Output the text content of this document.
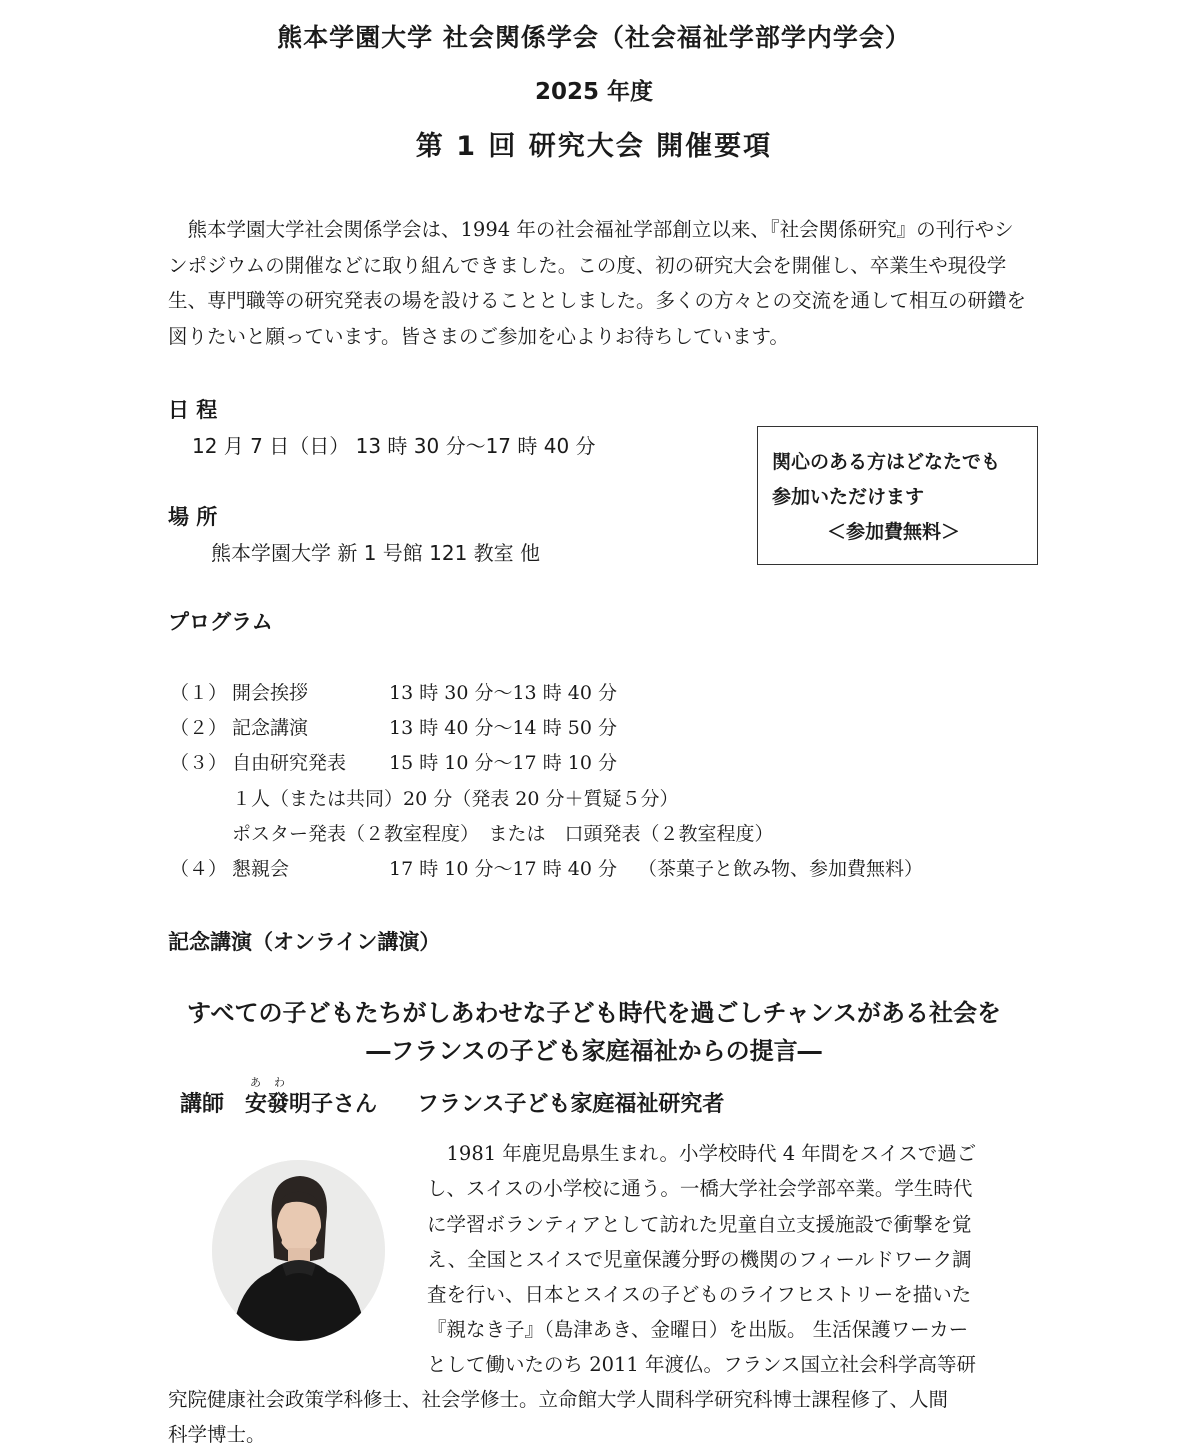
熊本学園大学 社会関係学会（社会福祉学部学内学会）
2025 年度
第 1 回 研究大会 開催要項

熊本学園大学社会関係学会は、1994 年の社会福祉学部創立以来、『社会関係研究』の刊行やシンポジウムの開催などに取り組んできました。この度、初の研究大会を開催し、卒業生や現役学生、専門職等の研究発表の場を設けることとしました。多くの方々との交流を通して相互の研鑽を図りたいと願っています。皆さまのご参加を心よりお待ちしています。

日 程
12 月 7 日（日） 13 時 30 分～17 時 40 分
場 所
熊本学園大学 新 1 号館 121 教室 他
関心のある方はどなたでも
参加いただけます
＜参加費無料＞
プログラム
（１） 開会挨拶	13 時 30 分〜13 時 40 分
（２） 記念講演	13 時 40 分〜14 時 50 分
（３） 自由研究発表 15 時 10 分〜17 時 10 分
１人（または共同）20 分（発表 20 分＋質疑５分）
ポスター発表（２教室程度）　または　口頭発表（２教室程度）
（４） 懇親会	17 時 10 分〜17 時 40 分 （茶菓子と飲み物、参加費無料）
記念講演（オンライン講演）
すべての子どもたちがしあわせな子ども時代を過ごしチャンスがある社会を
―フランスの子ども家庭福祉からの提言―
講師 安發明子さん
あ わ
フランス子ども家庭福祉研究者
　1981 年鹿児島県生まれ。小学校時代 4 年間をスイスで過ご
し、スイスの小学校に通う。一橋大学社会学部卒業。学生時代
に学習ボランティアとして訪れた児童自立支援施設で衝撃を覚
え、全国とスイスで児童保護分野の機関のフィールドワーク調
査を行い、日本とスイスの子どものライフヒストリーを描いた
『親なき子』（島津あき、金曜日）を出版。 生活保護ワーカー
として働いたのち 2011 年渡仏。フランス国立社会科学高等研
究院健康社会政策学科修士、社会学修士。立命館大学人間科学研究科博士課程修了、人間
科学博士。
